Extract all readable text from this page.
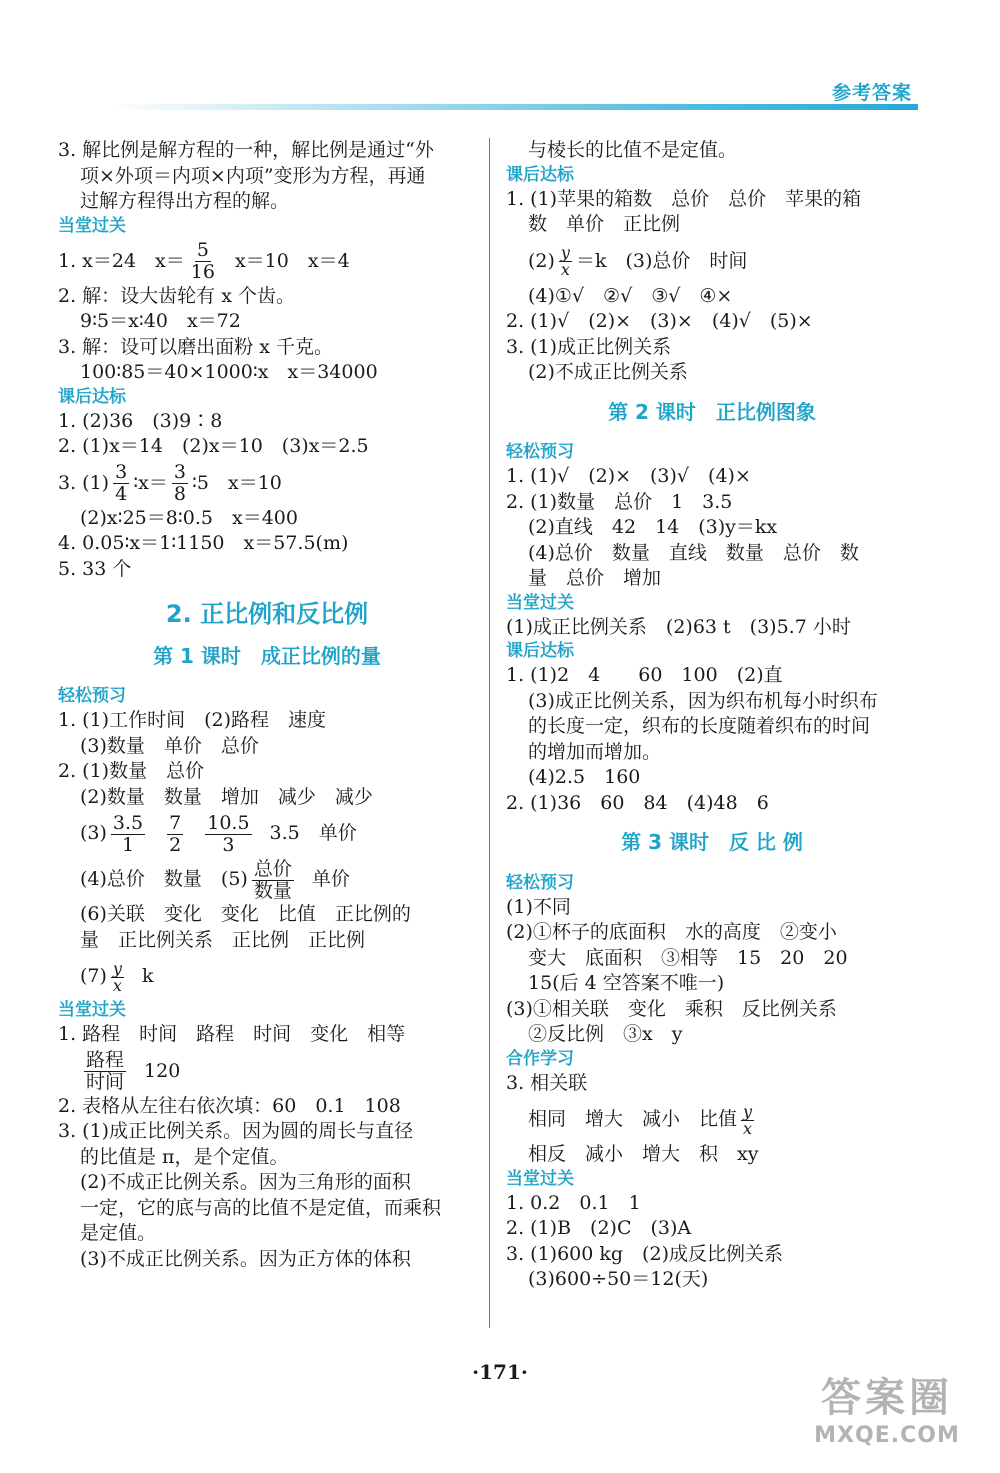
参考答案

3. 解比例是解方程的一种，解比例是通过“外

项×外项＝内项×内项”变形为方程，再通

过解方程得出方程的解。

当堂过关

1. x＝24　$x= \frac{5}{16} x=10$　x＝4

2. 解：设大齿轮有 x 个齿。

9∶5＝x∶40　x＝72

3. 解：设可以磨出面粉 x 千克。

100∶85＝40×1000∶x　x＝34000

课后达标

1. (2)36　(3)9∶8

2. (1)x＝14　(2)x＝10　(3)x＝2.5

3. $(1) \frac{3}{4}$ ∶x＝ $\frac{3}{8}$ ∶5　x＝10

(2)x∶25＝8∶0.5　x＝400

4. 0.05∶x＝1∶1150　x＝57.5(m)

5. 33 个

2. 正比例和反比例
第 1 课时　成正比例的量

轻松预习

1. (1)工作时间　(2)路程　速度

(3)数量　单价　总价

2. (1)数量　总价

(2)数量　数量　增加　减少　减少

$(3) \frac{3.5}{1} \frac{7}{2} \frac{10.5}{3} 3.5$　单价

(4)总价　数量　$(5) \frac{\text{总价}}{\text{数量}}$ 单价

(6)关联　变化　变化　比值　正比例的

量　正比例关系　正比例　正比例

$(7) \frac{y}{x}$ k

当堂过关

1. 路程　时间　路程　时间　变化　相等

$\frac{\text{路程}}{\text{时间}} 120$

2. 表格从左往右依次填：60　0.1　108

3. (1)成正比例关系。因为圆的周长与直径

的比值是 π，是个定值。

(2)不成正比例关系。因为三角形的面积

一定，它的底与高的比值不是定值，而乘积

是定值。

(3)不成正比例关系。因为正方体的体积

与棱长的比值不是定值。

课后达标

1. (1)苹果的箱数　总价　总价　苹果的箱

数　单价　正比例

$(2) \frac{y}{x} =k$　(3)总价　时间

(4)①√　②√　③√　④×

2. (1)√　(2)×　(3)×　(4)√　(5)×

3. (1)成正比例关系

(2)不成正比例关系

第 2 课时　正比例图象

轻松预习

1. (1)√　(2)×　(3)√　(4)×

2. (1)数量　总价　1　3.5

(2)直线　42　14　(3)y＝kx

(4)总价　数量　直线　数量　总价　数

量　总价　增加

当堂过关

(1)成正比例关系　(2)63 t　(3)5.7 小时

课后达标

1. (1)2　4　　60　100　(2)直

(3)成正比例关系，因为织布机每小时织布

的长度一定，织布的长度随着织布的时间

的增加而增加。

(4)2.5　160

2. (1)36　60　84　(4)48　6

第 3 课时　反 比 例

轻松预习

(1)不同

(2)①杯子的底面积　水的高度　②变小

变大　底面积　③相等　15　20　20

15(后 4 空答案不唯一)

(3)①相关联　变化　乘积　反比例关系

②反比例　③x　y

合作学习

3. 相关联

相同　增大　减小　比值 $\frac{y}{x}$

相反　减小　增大　积　xy

当堂过关

1. 0.2　0.1　1

2. (1)B　(2)C　(3)A

3. (1)600 kg　(2)成反比例关系

(3)600÷50＝12(天)

·171·
答案圈
MXQE.COM
